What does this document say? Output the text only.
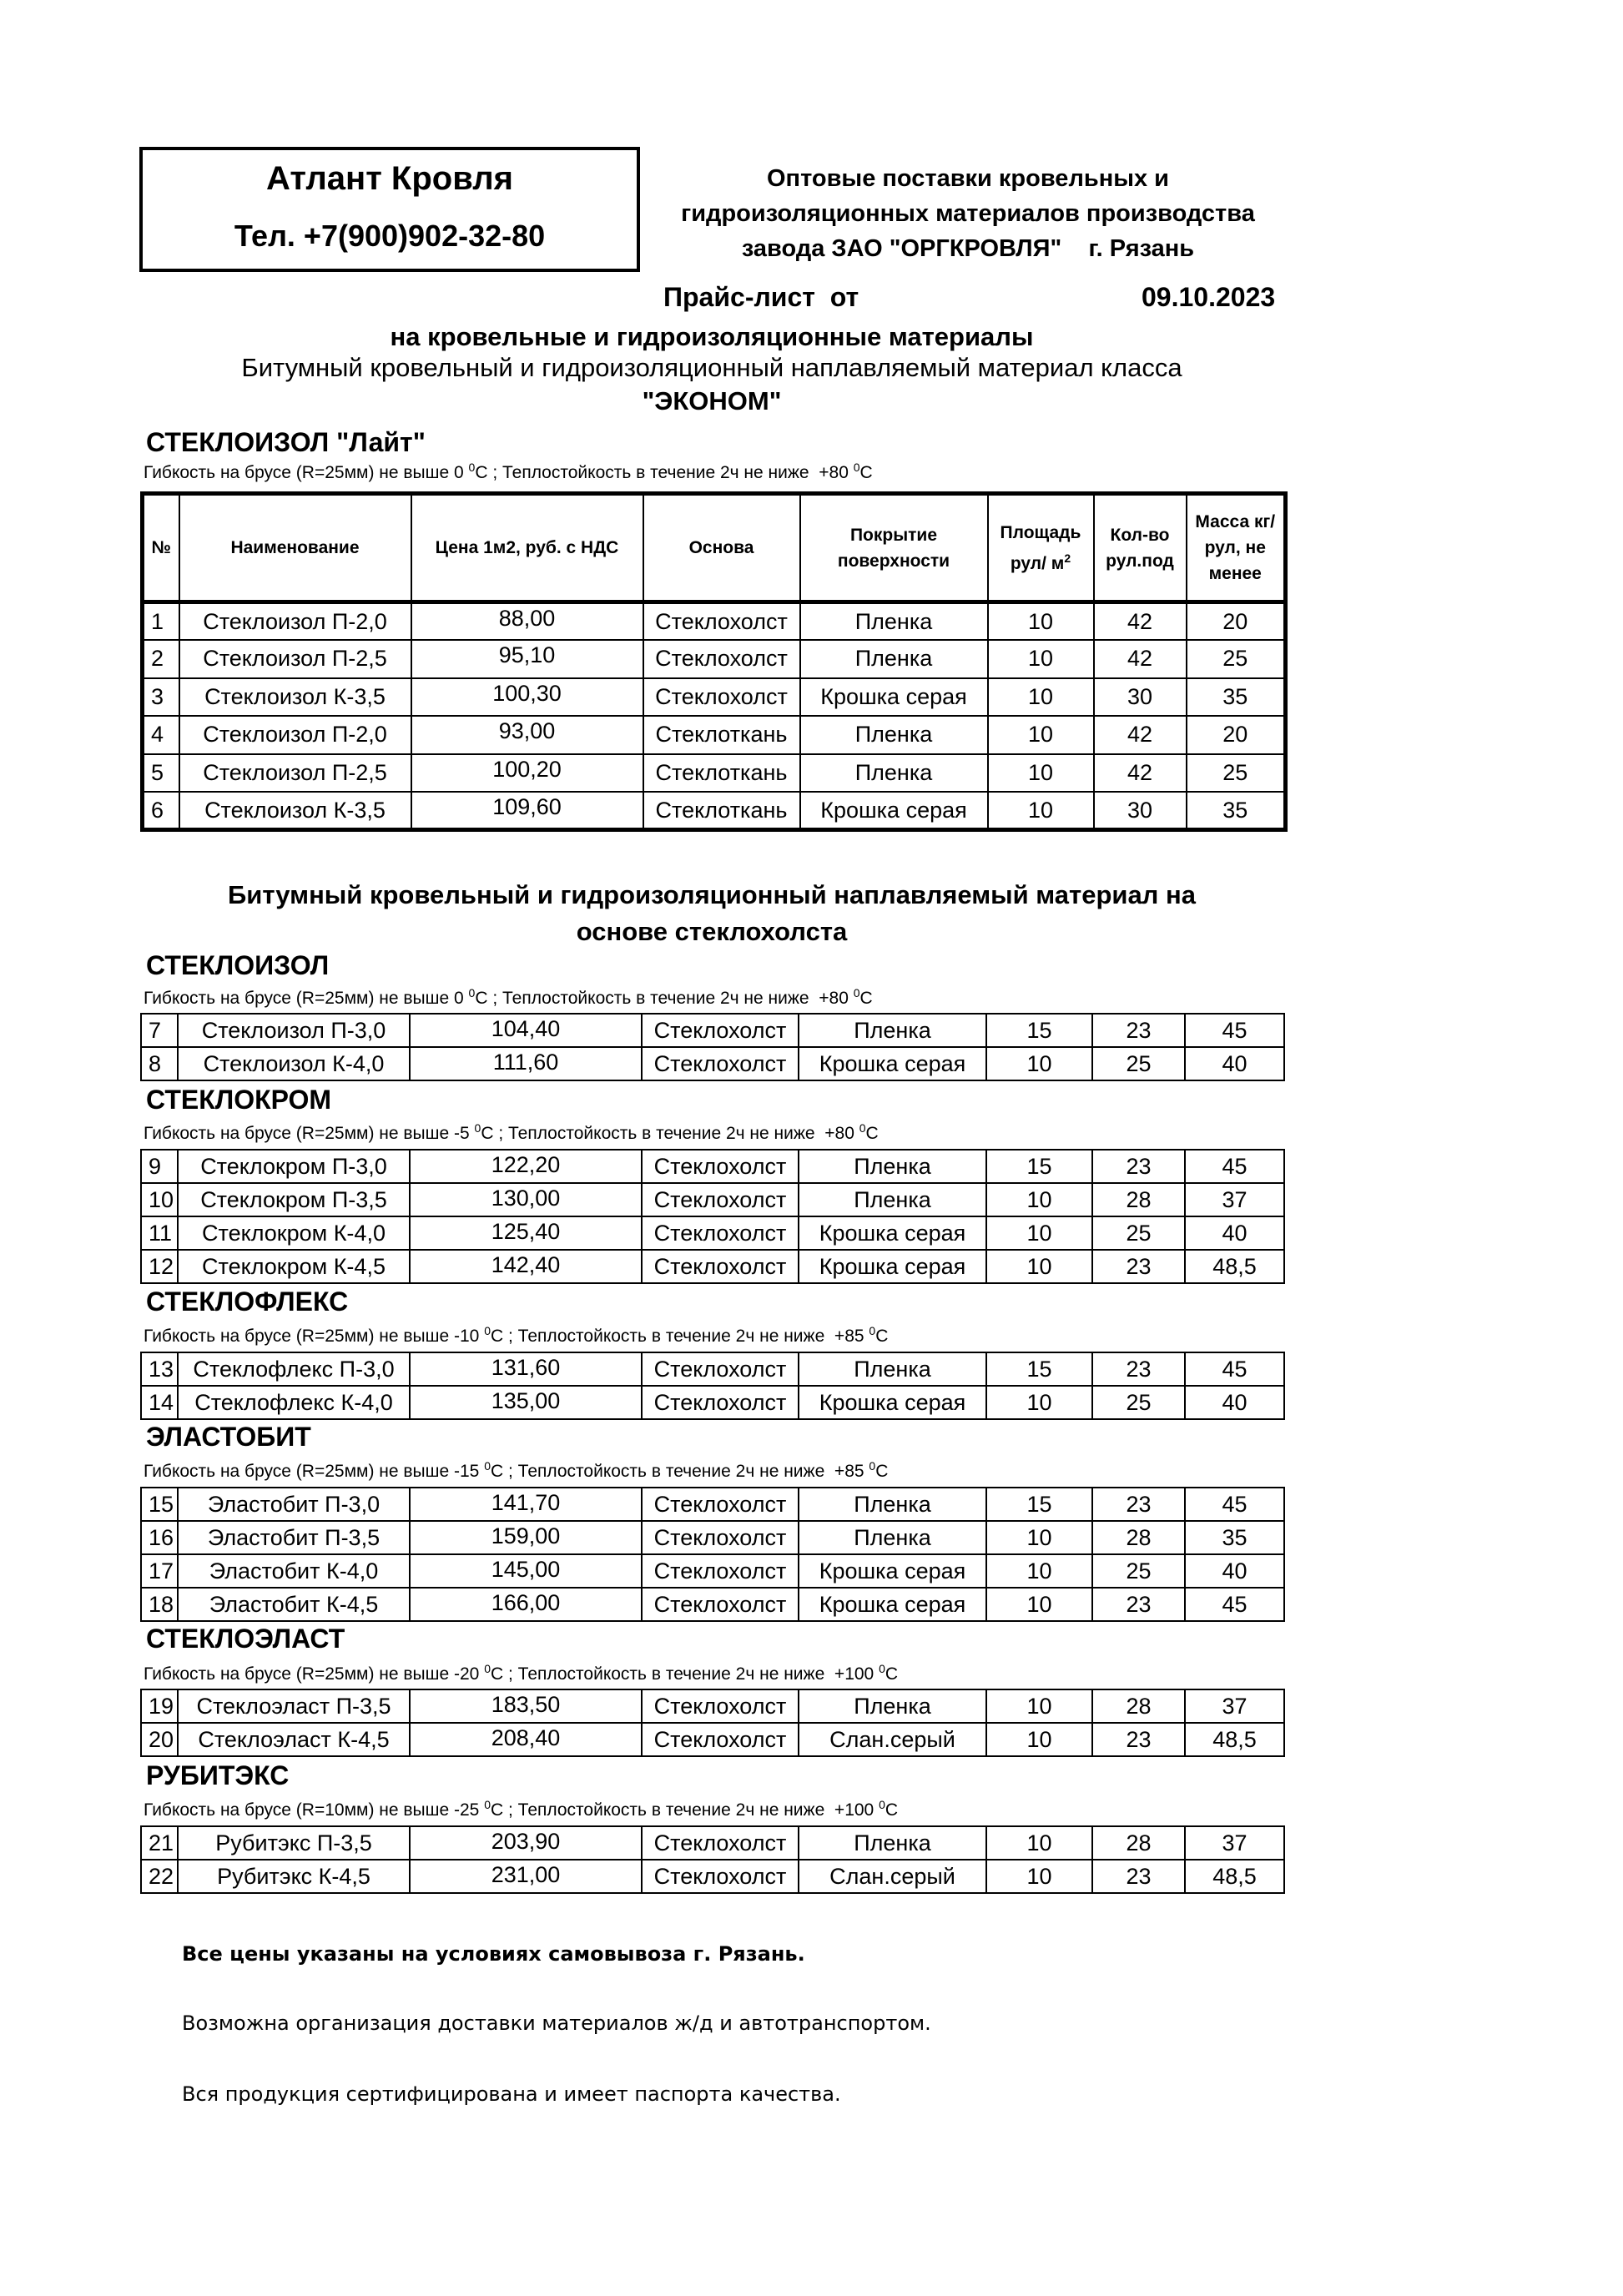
Атлант Кровля
Тел. +7(900)902-32-80
Оптовые поставки кровельных и
гидроизоляционных материалов производства
завода ЗАО "ОРГКРОВЛЯ"    г. Рязань
Прайс-лист  от	09.10.2023
на кровельные и гидроизоляционные материалы
Битумный кровельный и гидроизоляционный наплавляемый материал класса
"ЭКОНОМ"
Битумный кровельный и гидроизоляционный наплавляемый материал на
основе стеклохолста
СТЕКЛОИЗОЛ "Лайт"
Гибкость на брусе (R=25мм) не выше 0 $^0$C ; Теплостойкость в течение 2ч не ниже  +80 $^0$C
№	Наименование	Цена 1м2, руб. с НДС	Основа	Покрытие поверхности	Площадь рул/ $м^2$	Кол-во рул.под	Масса кг/рул, не менее
1	Стеклоизол П-2,0	88,00	Стеклохолст	Пленка	10	42	20
2	Стеклоизол П-2,5	95,10	Стеклохолст	Пленка	10	42	25
3	Стеклоизол К-3,5	100,30	Стеклохолст	Крошка серая	10	30	35
4	Стеклоизол П-2,0	93,00	Стеклоткань	Пленка	10	42	20
5	Стеклоизол П-2,5	100,20	Стеклоткань	Пленка	10	42	25
6	Стеклоизол К-3,5	109,60	Стеклоткань	Крошка серая	10	30	35
СТЕКЛОИЗОЛ
Гибкость на брусе (R=25мм) не выше 0 $^0$C ; Теплостойкость в течение 2ч не ниже  +80 $^0$C
7	Стеклоизол П-3,0	104,40	Стеклохолст	Пленка	15	23	45
8	Стеклоизол К-4,0	111,60	Стеклохолст	Крошка серая	10	25	40
СТЕКЛОКРОМ
Гибкость на брусе (R=25мм) не выше -5 $^0$C ; Теплостойкость в течение 2ч не ниже  +80 $^0$C
9	Стеклокром П-3,0	122,20	Стеклохолст	Пленка	15	23	45
10	Стеклокром П-3,5	130,00	Стеклохолст	Пленка	10	28	37
11	Стеклокром К-4,0	125,40	Стеклохолст	Крошка серая	10	25	40
12	Стеклокром К-4,5	142,40	Стеклохолст	Крошка серая	10	23	48,5
СТЕКЛОФЛЕКС
Гибкость на брусе (R=25мм) не выше -10 $^0$C ; Теплостойкость в течение 2ч не ниже  +85 $^0$C
13	Стеклофлекс П-3,0	131,60	Стеклохолст	Пленка	15	23	45
14	Стеклофлекс К-4,0	135,00	Стеклохолст	Крошка серая	10	25	40
ЭЛАСТОБИТ
Гибкость на брусе (R=25мм) не выше -15 $^0$C ; Теплостойкость в течение 2ч не ниже  +85 $^0$C
15	Эластобит П-3,0	141,70	Стеклохолст	Пленка	15	23	45
16	Эластобит П-3,5	159,00	Стеклохолст	Пленка	10	28	35
17	Эластобит К-4,0	145,00	Стеклохолст	Крошка серая	10	25	40
18	Эластобит К-4,5	166,00	Стеклохолст	Крошка серая	10	23	45
СТЕКЛОЭЛАСТ
Гибкость на брусе (R=25мм) не выше -20 $^0$C ; Теплостойкость в течение 2ч не ниже  +100 $^0$C
19	Стеклоэласт П-3,5	183,50	Стеклохолст	Пленка	10	28	37
20	Стеклоэласт К-4,5	208,40	Стеклохолст	Слан.серый	10	23	48,5
РУБИТЭКС
Гибкость на брусе (R=10мм) не выше -25 $^0$C ; Теплостойкость в течение 2ч не ниже  +100 $^0$C
21	Рубитэкс П-3,5	203,90	Стеклохолст	Пленка	10	28	37
22	Рубитэкс К-4,5	231,00	Стеклохолст	Слан.серый	10	23	48,5
Все цены указаны на условиях самовывоза г. Рязань.
Возможна организация доставки материалов ж/д и автотранспортом.
Вся продукция сертифицирована и имеет паспорта качества.
